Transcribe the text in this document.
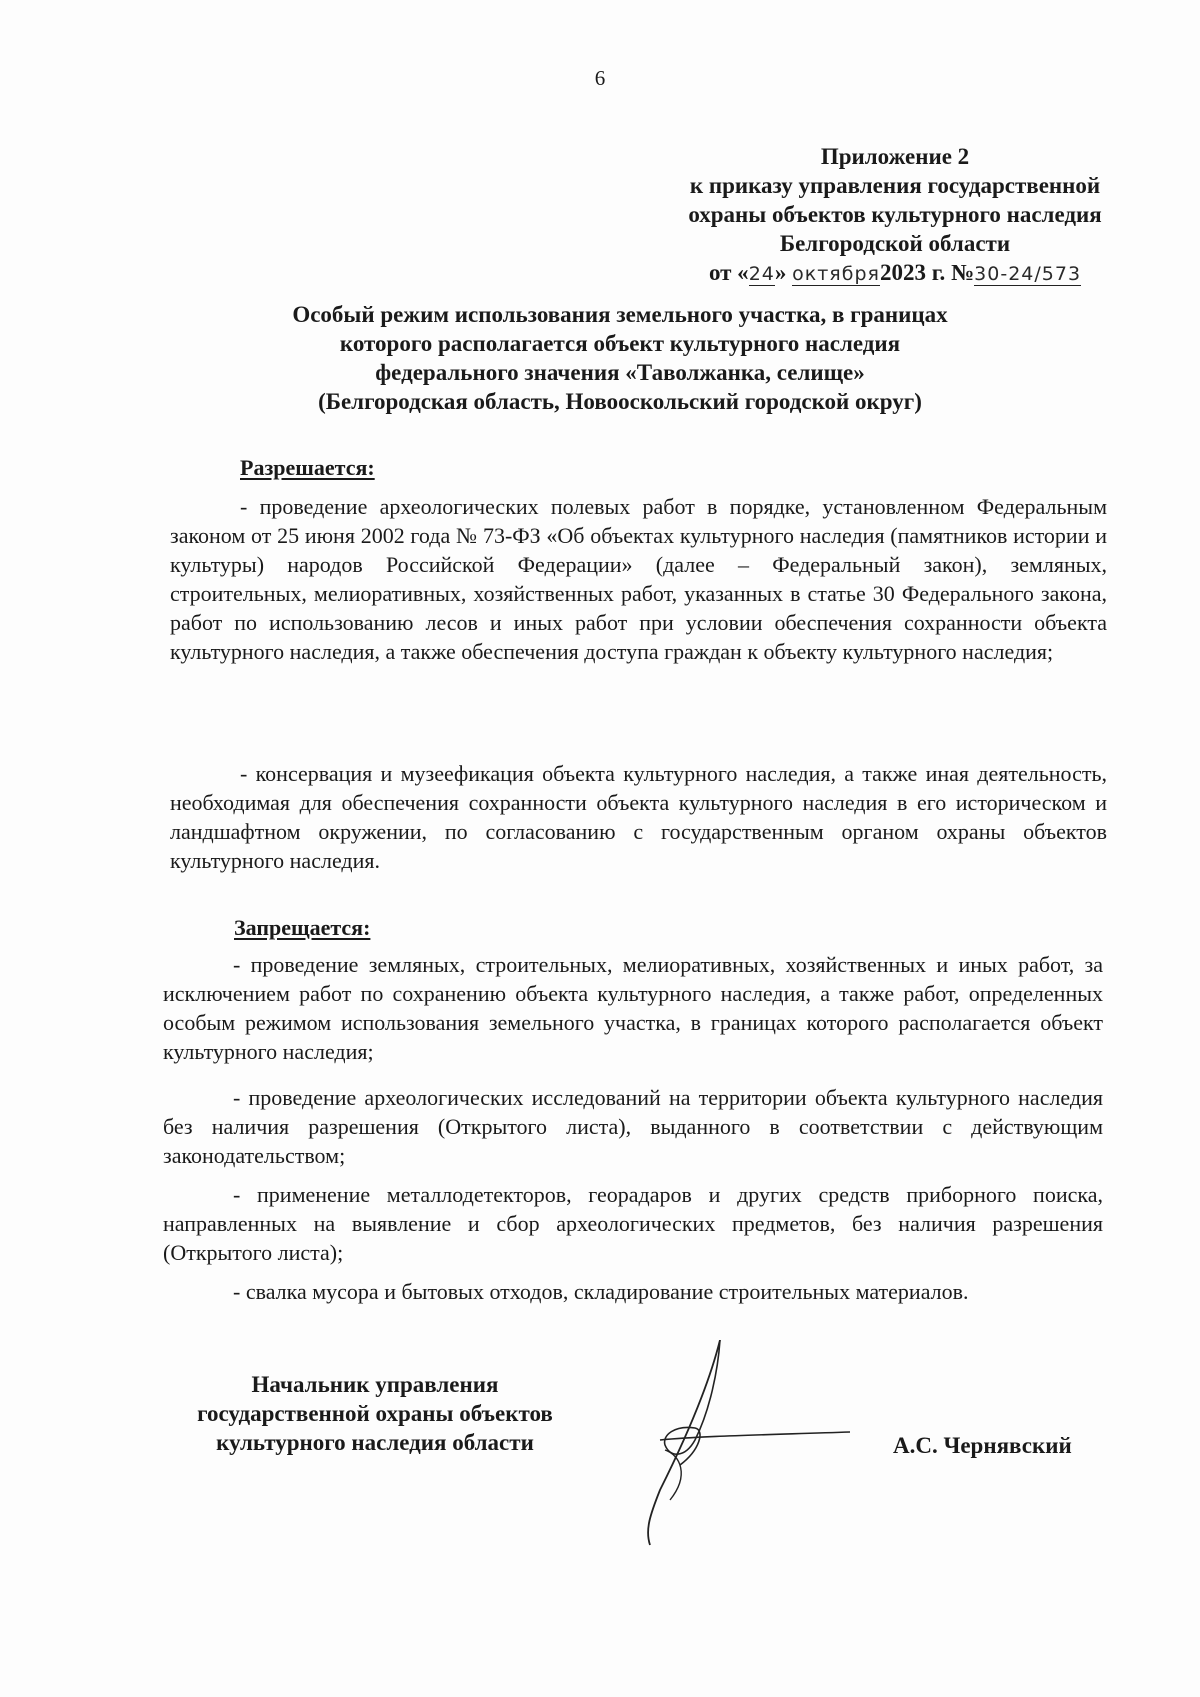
6
Приложение 2
к приказу управления государственной
охраны объектов культурного наследия
Белгородской области
от «24» октября2023 г. №30-24/573
Особый режим использования земельного участка, в границах
которого располагается объект культурного наследия
федерального значения «Таволжанка, селище»
(Белгородская область, Новооскольский городской округ)
Разрешается:

- проведение археологических полевых работ в порядке, установленном Федеральным законом от 25 июня 2002 года № 73-ФЗ «Об объектах культурного наследия (памятников истории и культуры) народов Российской Федерации» (далее – Федеральный закон), земляных, строительных, мелиоративных, хозяйственных работ, указанных в статье 30 Федерального закона, работ по использованию лесов и иных работ при условии обеспечения сохранности объекта культурного наследия, а также обеспечения доступа граждан к объекту культурного наследия;

- консервация и музеефикация объекта культурного наследия, а также иная деятельность, необходимая для обеспечения сохранности объекта культурного наследия в его историческом и ландшафтном окружении, по согласованию с государственным органом охраны объектов культурного наследия.

Запрещается:

- проведение земляных, строительных, мелиоративных, хозяйственных и иных работ, за исключением работ по сохранению объекта культурного наследия, а также работ, определенных особым режимом использования земельного участка, в границах которого располагается объект культурного наследия;

- проведение археологических исследований на территории объекта культурного наследия без наличия разрешения (Открытого листа), выданного в соответствии с действующим законодательством;

- применение металлодетекторов, георадаров и других средств приборного поиска, направленных на выявление и сбор археологических предметов, без наличия разрешения (Открытого листа);

- свалка мусора и бытовых отходов, складирование строительных материалов.

Начальник управления
государственной охраны объектов
культурного наследия области	А.С. Чернявский
